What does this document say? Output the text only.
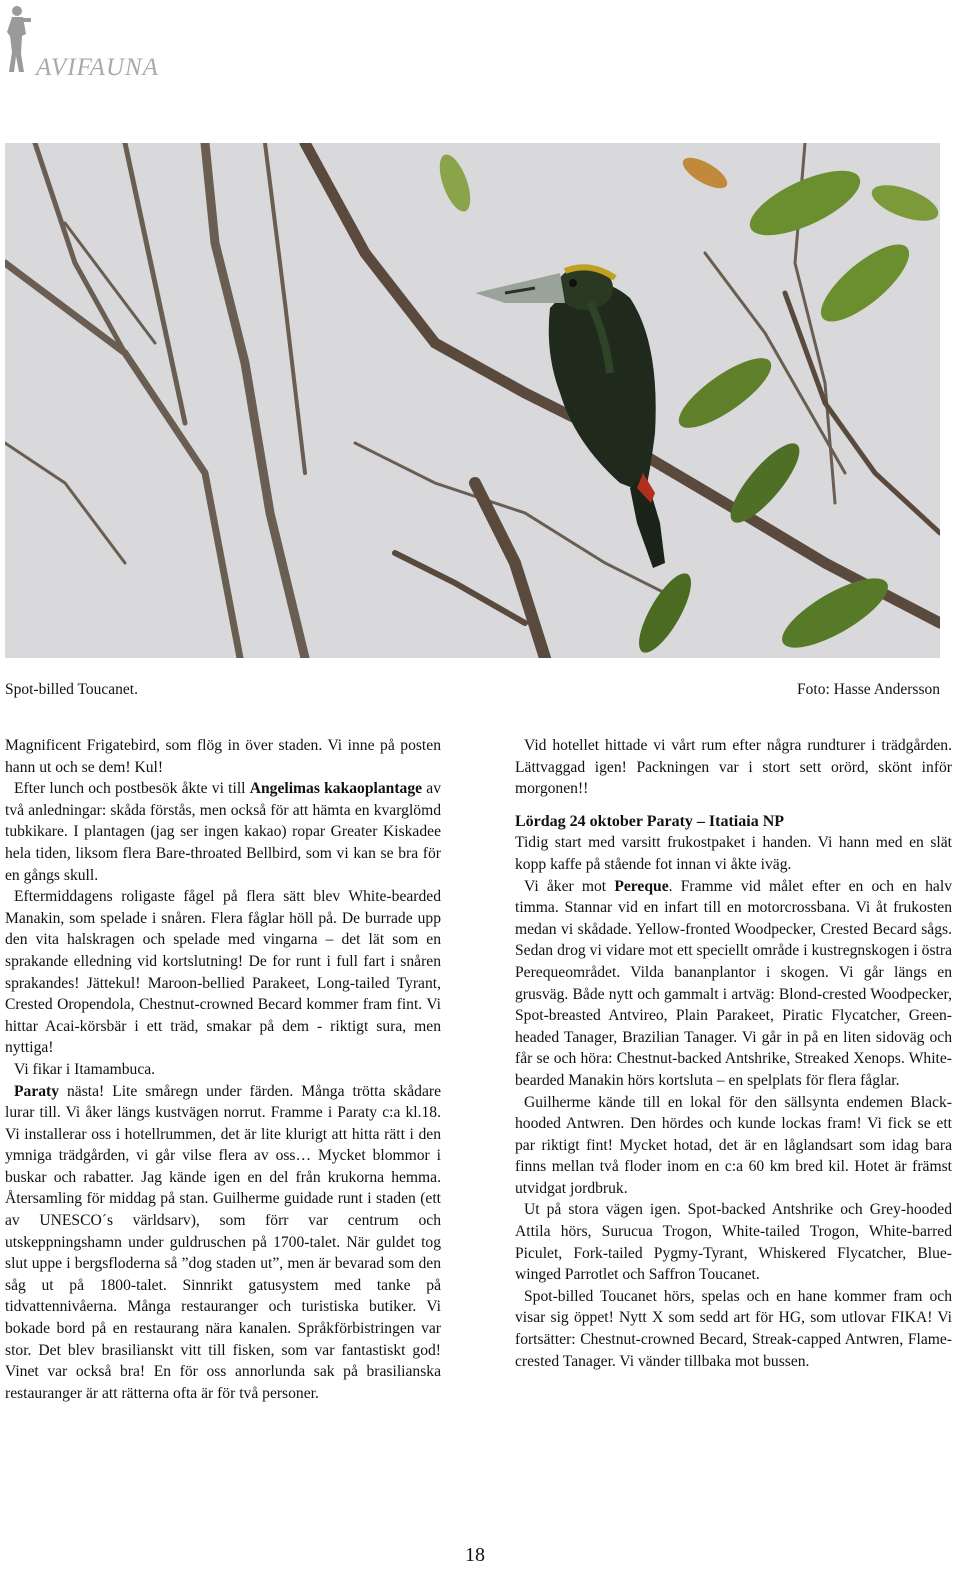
AVIFAUNA
Spot-billed Toucanet.	Foto: Hasse Andersson

Magnificent Frigatebird, som flög in över staden. Vi inne på posten hann ut och se dem! Kul!

Efter lunch och postbesök åkte vi till Angelimas kakaoplantage av två anledningar: skåda förstås, men också för att hämta en kvarglömd tubkikare. I plantagen (jag ser ingen kakao) ropar Greater Kiskadee hela tiden, liksom flera Bare-throated Bellbird, som vi kan se bra för en gångs skull.

Eftermiddagens roligaste fågel på flera sätt blev White-bearded Manakin, som spelade i snåren. Flera fåglar höll på. De burrade upp den vita halskragen och spelade med vingarna – det lät som en sprakande elledning vid kortslutning! De for runt i full fart i snåren sprakandes! Jättekul! Maroon-bellied Parakeet, Long-tailed Tyrant, Crested Oropendola, Chestnut-crowned Becard kommer fram fint. Vi hittar Acai-körsbär i ett träd, smakar på dem - riktigt sura, men nyttiga!

Vi fikar i Itamambuca.

Paraty nästa! Lite småregn under färden. Många trötta skådare lurar till. Vi åker längs kustvägen norrut. Framme i Paraty c:a kl.18. Vi installerar oss i hotellrummen, det är lite klurigt att hitta rätt i den ymniga trädgården, vi går vilse flera av oss… Mycket blommor i buskar och rabatter. Jag kände igen en del från krukorna hemma. Återsamling för middag på stan. Guilherme guidade runt i staden (ett av UNESCO´s världsarv), som förr var centrum och utskeppningshamn under guldruschen på 1700-talet. När guldet tog slut uppe i bergsfloderna så ”dog staden ut”, men är bevarad som den såg ut på 1800-talet. Sinnrikt gatusystem med tanke på tidvattennivåerna. Många restauranger och turistiska butiker. Vi bokade bord på en restaurang nära kanalen. Språkförbistringen var stor. Det blev brasilianskt vitt till fisken, som var fantastiskt god! Vinet var också bra! En för oss annorlunda sak på brasilianska restauranger är att rätterna ofta är för två personer.

Vid hotellet hittade vi vårt rum efter några rundturer i trädgården. Lättvaggad igen! Packningen var i stort sett orörd, skönt inför morgonen!!

Lördag 24 oktober Paraty – Itatiaia NP

Tidig start med varsitt frukostpaket i handen. Vi hann med en slät kopp kaffe på stående fot innan vi åkte iväg.

Vi åker mot Pereque. Framme vid målet efter en och en halv timma. Stannar vid en infart till en motorcrossbana. Vi åt frukosten medan vi skådade. Yellow-fronted Woodpecker, Crested Becard sågs. Sedan drog vi vidare mot ett speciellt område i kustregnskogen i östra Perequeområdet. Vilda bananplantor i skogen. Vi går längs en grusväg. Både nytt och gammalt i artväg: Blond-crested Woodpecker, Spot-breasted Antvireo, Plain Parakeet, Piratic Flycatcher, Green-headed Tanager, Brazilian Tanager. Vi går in på en liten sidoväg och får se och höra: Chestnut-backed Antshrike, Streaked Xenops. White-bearded Manakin hörs kortsluta – en spelplats för flera fåglar.

Guilherme kände till en lokal för den sällsynta endemen Black-hooded Antwren. Den hördes och kunde lockas fram! Vi fick se ett par riktigt fint! Mycket hotad, det är en låglandsart som idag bara finns mellan två floder inom en c:a 60 km bred kil. Hotet är främst utvidgat jordbruk.

Ut på stora vägen igen. Spot-backed Antshrike och Grey-hooded Attila hörs, Surucua Trogon, White-tailed Trogon, White-barred Piculet, Fork-tailed Pygmy-Tyrant, Whiskered Flycatcher, Blue-winged Parrotlet och Saffron Toucanet.

Spot-billed Toucanet hörs, spelas och en hane kommer fram och visar sig öppet! Nytt X som sedd art för HG, som utlovar FIKA! Vi fortsätter: Chestnut-crowned Becard, Streak-capped Antwren, Flame-crested Tanager. Vi vänder tillbaka mot bussen.

18
